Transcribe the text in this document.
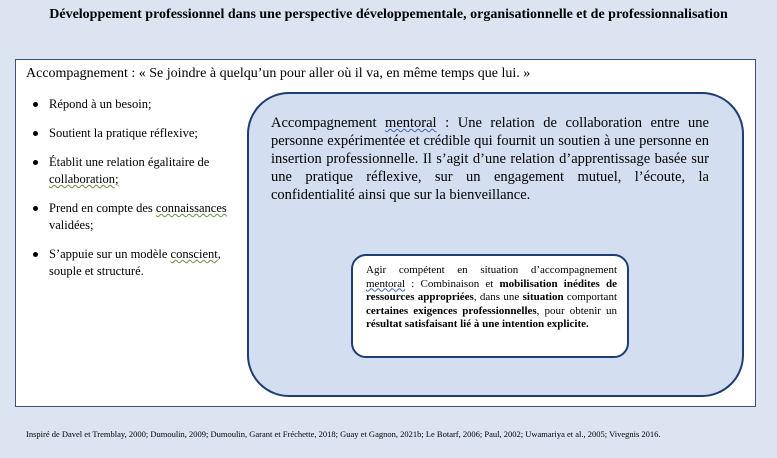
Développement professionnel dans une perspective développementale, organisationnelle et de professionnalisation
Accompagnement : « Se joindre à quelqu’un pour aller où il va, en même temps que lui. »
Répond à un besoin;
Soutient la pratique réflexive;
Établit une relation égalitaire de collaboration;
Prend en compte des connaissances validées;
S’appuie sur un modèle conscient, souple et structuré.
Accompagnement mentoral : Une relation de collaboration entre une personne expérimentée et crédible qui fournit un soutien à une personne en insertion professionnelle. Il s’agit d’une relation d’apprentissage basée sur une pratique réflexive, sur un engagement mutuel, l’écoute, la confidentialité ainsi que sur la bienveillance.
Agir compétent en situation d’accompagnement mentoral : Combinaison et mobilisation inédites de ressources appropriées, dans une situation comportant certaines exigences professionnelles, pour obtenir un résultat satisfaisant lié à une intention explicite.
Inspiré de Davel et Tremblay, 2000; Dumoulin, 2009; Dumoulin, Garant et Fréchette, 2018; Guay et Gagnon, 2021b; Le Botarf, 2006; Paul, 2002; Uwamariya et al., 2005; Vivegnis 2016.
